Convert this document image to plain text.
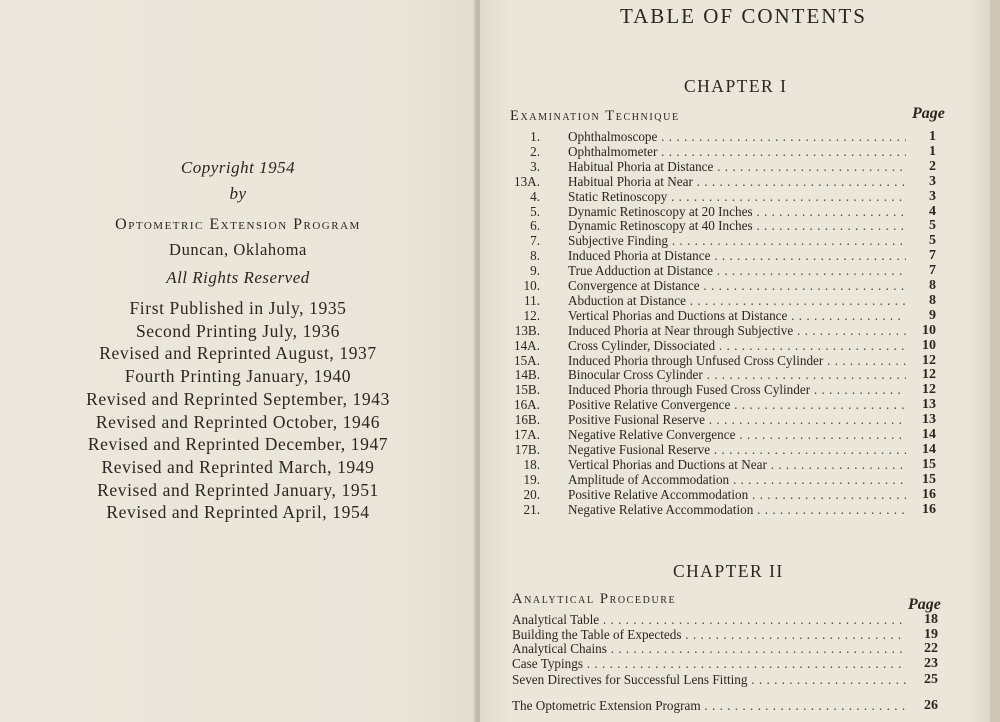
Copyright 1954
by
Optometric Extension Program
Duncan, Oklahoma
All Rights Reserved
First Published in July, 1935
Second Printing July, 1936
Revised and Reprinted August, 1937
Fourth Printing January, 1940
Revised and Reprinted September, 1943
Revised and Reprinted October, 1946
Revised and Reprinted December, 1947
Revised and Reprinted March, 1949
Revised and Reprinted January, 1951
Revised and Reprinted April, 1954
TABLE OF CONTENTS
CHAPTER I
Examination Technique	Page
1. Ophthalmoscope . . .	1
2. Ophthalmometer . . .	1
3. Habitual Phoria at Distance . . .	2
13A. Habitual Phoria at Near . . .	3
4. Static Retinoscopy . . .	3
5. Dynamic Retinoscopy at 20 Inches . . .	4
6. Dynamic Retinoscopy at 40 Inches . . .	5
7. Subjective Finding . . .	5
8. Induced Phoria at Distance . . .	7
9. True Adduction at Distance . . .	7
10. Convergence at Distance . . .	8
11. Abduction at Distance . . .	8
12. Vertical Phorias and Ductions at Distance . . .	9
13B. Induced Phoria at Near through Subjective . . .	10
14A. Cross Cylinder, Dissociated . . .	10
15A. Induced Phoria through Unfused Cross Cylinder . . .	12
14B. Binocular Cross Cylinder . . .	12
15B. Induced Phoria through Fused Cross Cylinder . . .	12
16A. Positive Relative Convergence . . .	13
16B. Positive Fusional Reserve . . .	13
17A. Negative Relative Convergence . . .	14
17B. Negative Fusional Reserve . . .	14
18. Vertical Phorias and Ductions at Near . . .	15
19. Amplitude of Accommodation . . .	15
20. Positive Relative Accommodation . . .	16
21. Negative Relative Accommodation . . .	16
CHAPTER II
Analytical Procedure	Page
Analytical Table . . .	18
Building the Table of Expecteds . . .	19
Analytical Chains . . .	22
Case Typings . . .	23
Seven Directives for Successful Lens Fitting . . .	25
The Optometric Extension Program . . .	26
